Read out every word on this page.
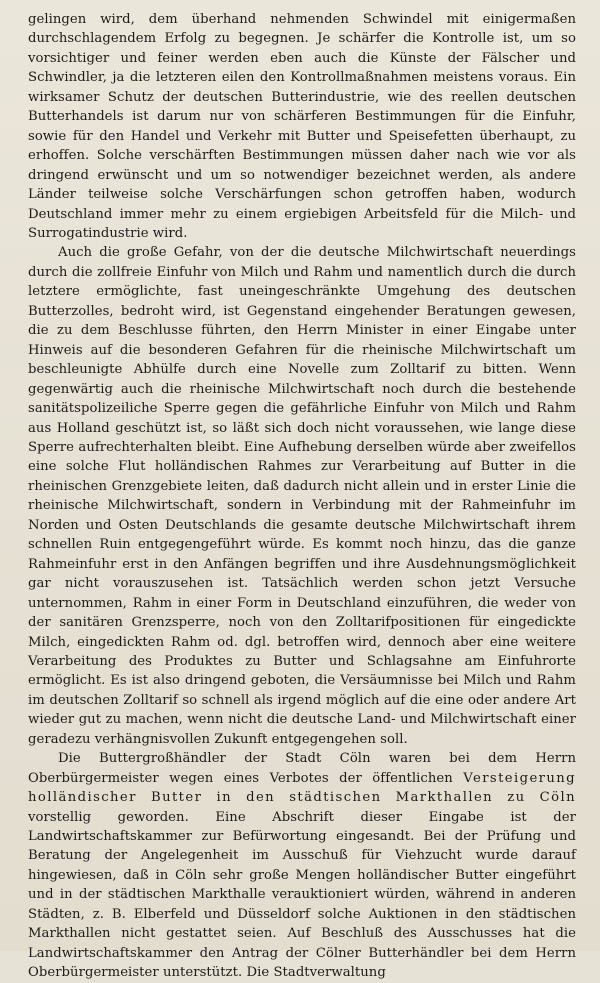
gelingen wird, dem überhand nehmenden Schwindel mit einigermaßen durchschlagendem Erfolg zu begegnen. Je schärfer die Kontrolle ist, um so vorsichtiger und feiner werden eben auch die Künste der Fälscher und Schwindler, ja die letzteren eilen den Kontrollmaßnahmen meistens voraus. Ein wirksamer Schutz der deutschen Butterindustrie, wie des reellen deutschen Butterhandels ist darum nur von schärferen Bestimmungen für die Einfuhr, sowie für den Handel und Verkehr mit Butter und Speisefetten überhaupt, zu erhoffen. Solche verschärften Bestimmungen müssen daher nach wie vor als dringend erwünscht und um so notwendiger bezeichnet werden, als andere Länder teilweise solche Verschärfungen schon getroffen haben, wodurch Deutschland immer mehr zu einem ergiebigen Arbeitsfeld für die Milch- und Surrogatindustrie wird.

Auch die große Gefahr, von der die deutsche Milchwirtschaft neuerdings durch die zollfreie Einfuhr von Milch und Rahm und namentlich durch die durch letztere ermöglichte, fast uneingeschränkte Umgehung des deutschen Butterzolles, bedroht wird, ist Gegenstand eingehender Beratungen gewesen, die zu dem Beschlusse führten, den Herrn Minister in einer Eingabe unter Hinweis auf die besonderen Gefahren für die rheinische Milchwirtschaft um beschleunigte Abhülfe durch eine Novelle zum Zolltarif zu bitten. Wenn gegenwärtig auch die rheinische Milchwirtschaft noch durch die bestehende sanitätspolizeiliche Sperre gegen die gefährliche Einfuhr von Milch und Rahm aus Holland geschützt ist, so läßt sich doch nicht voraussehen, wie lange diese Sperre aufrechterhalten bleibt. Eine Aufhebung derselben würde aber zweifellos eine solche Flut holländischen Rahmes zur Verarbeitung auf Butter in die rheinischen Grenzgebiete leiten, daß dadurch nicht allein und in erster Linie die rheinische Milchwirtschaft, sondern in Verbindung mit der Rahmeinfuhr im Norden und Osten Deutschlands die gesamte deutsche Milchwirtschaft ihrem schnellen Ruin entgegengeführt würde. Es kommt noch hinzu, das die ganze Rahmeinfuhr erst in den Anfängen begriffen und ihre Ausdehnungsmöglichkeit gar nicht vorauszusehen ist. Tatsächlich werden schon jetzt Versuche unternommen, Rahm in einer Form in Deutschland einzuführen, die weder von der sanitären Grenzsperre, noch von den Zolltarifpositionen für eingedickte Milch, eingedickten Rahm od. dgl. betroffen wird, dennoch aber eine weitere Verarbeitung des Produktes zu Butter und Schlagsahne am Einfuhrorte ermöglicht. Es ist also dringend geboten, die Versäumnisse bei Milch und Rahm im deutschen Zolltarif so schnell als irgend möglich auf die eine oder andere Art wieder gut zu machen, wenn nicht die deutsche Land- und Milchwirtschaft einer geradezu verhängnisvollen Zukunft entgegengehen soll.

Die Buttergroßhändler der Stadt Cöln waren bei dem Herrn Oberbürgermeister wegen eines Verbotes der öffentlichen Versteigerung holländischer Butter in den städtischen Markthallen zu Cöln vorstellig geworden. Eine Abschrift dieser Eingabe ist der Landwirtschaftskammer zur Befürwortung eingesandt. Bei der Prüfung und Beratung der Angelegenheit im Ausschuß für Viehzucht wurde darauf hingewiesen, daß in Cöln sehr große Mengen holländischer Butter eingeführt und in der städtischen Markthalle verauktioniert würden, während in anderen Städten, z. B. Elberfeld und Düsseldorf solche Auktionen in den städtischen Markthallen nicht gestattet seien. Auf Beschluß des Ausschusses hat die Landwirtschaftskammer den Antrag der Cölner Butterhändler bei dem Herrn Oberbürgermeister unterstützt. Die Stadtverwaltung
